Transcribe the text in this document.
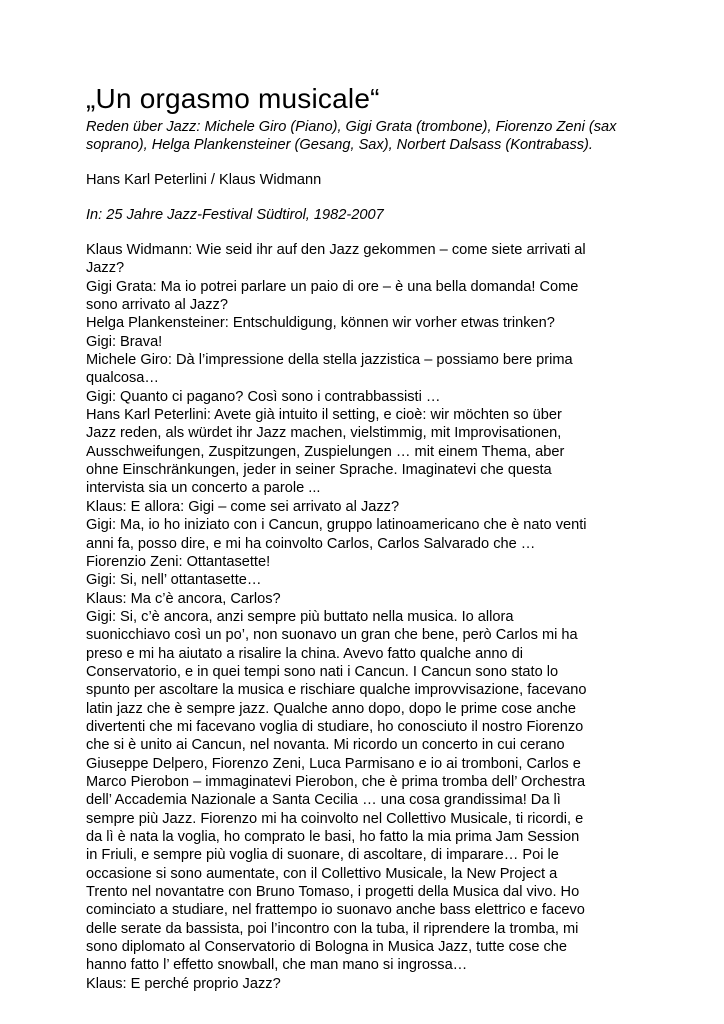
„Un orgasmo musicale“

Reden über Jazz: Michele Giro (Piano), Gigi Grata (trombone), Fiorenzo Zeni (sax
soprano), Helga Plankensteiner (Gesang, Sax), Norbert Dalsass (Kontrabass).

Hans Karl Peterlini / Klaus Widmann

In: 25 Jahre Jazz-Festival Südtirol, 1982-2007

Klaus Widmann: Wie seid ihr auf den Jazz gekommen – come siete arrivati al
Jazz?
Gigi Grata: Ma io potrei parlare un paio di ore – è una bella domanda! Come
sono arrivato al Jazz?
Helga Plankensteiner: Entschuldigung, können wir vorher etwas trinken?
Gigi: Brava!
Michele Giro: Dà l’impressione della stella jazzistica – possiamo bere prima
qualcosa…
Gigi: Quanto ci pagano? Così sono i contrabbassisti …
Hans Karl Peterlini: Avete già intuito il setting, e cioè: wir möchten so über
Jazz reden, als würdet ihr Jazz machen, vielstimmig, mit Improvisationen,
Ausschweifungen, Zuspitzungen, Zuspielungen … mit einem Thema, aber
ohne Einschränkungen, jeder in seiner Sprache. Imaginatevi che questa
intervista sia un concerto a parole ...
Klaus: E allora: Gigi – come sei arrivato al Jazz?
Gigi: Ma, io ho iniziato con i Cancun, gruppo latinoamericano che è nato venti
anni fa, posso dire, e mi ha coinvolto Carlos, Carlos Salvarado che …
Fiorenzio Zeni: Ottantasette!
Gigi: Si, nell’ ottantasette…
Klaus: Ma c’è ancora, Carlos?
Gigi: Si, c’è ancora, anzi sempre più buttato nella musica. Io allora
suonicchiavo così un po’, non suonavo un gran che bene, però Carlos mi ha
preso e mi ha aiutato a risalire la china. Avevo fatto qualche anno di
Conservatorio, e in quei tempi sono nati i Cancun. I Cancun sono stato lo
spunto per ascoltare la musica e rischiare qualche improvvisazione, facevano
latin jazz che è sempre jazz. Qualche anno dopo, dopo le prime cose anche
divertenti che mi facevano voglia di studiare, ho conosciuto il nostro Fiorenzo
che si è unito ai Cancun, nel novanta. Mi ricordo un concerto in cui cerano
Giuseppe Delpero, Fiorenzo Zeni, Luca Parmisano e io ai tromboni, Carlos e
Marco Pierobon – immaginatevi Pierobon, che è prima tromba dell’ Orchestra
dell’ Accademia Nazionale a Santa Cecilia … una cosa grandissima! Da lì
sempre più Jazz. Fiorenzo mi ha coinvolto nel Collettivo Musicale, ti ricordi, e
da lì è nata la voglia, ho comprato le basi, ho fatto la mia prima Jam Session
in Friuli, e sempre più voglia di suonare, di ascoltare, di imparare… Poi le
occasione si sono aumentate, con il Collettivo Musicale, la New Project a
Trento nel novantatre con Bruno Tomaso, i progetti della Musica dal vivo. Ho
cominciato a studiare, nel frattempo io suonavo anche bass elettrico e facevo
delle serate da bassista, poi l’incontro con la tuba, il riprendere la tromba, mi
sono diplomato al Conservatorio di Bologna in Musica Jazz, tutte cose che
hanno fatto l’ effetto snowball, che man mano si ingrossa…
Klaus: E perché proprio Jazz?
